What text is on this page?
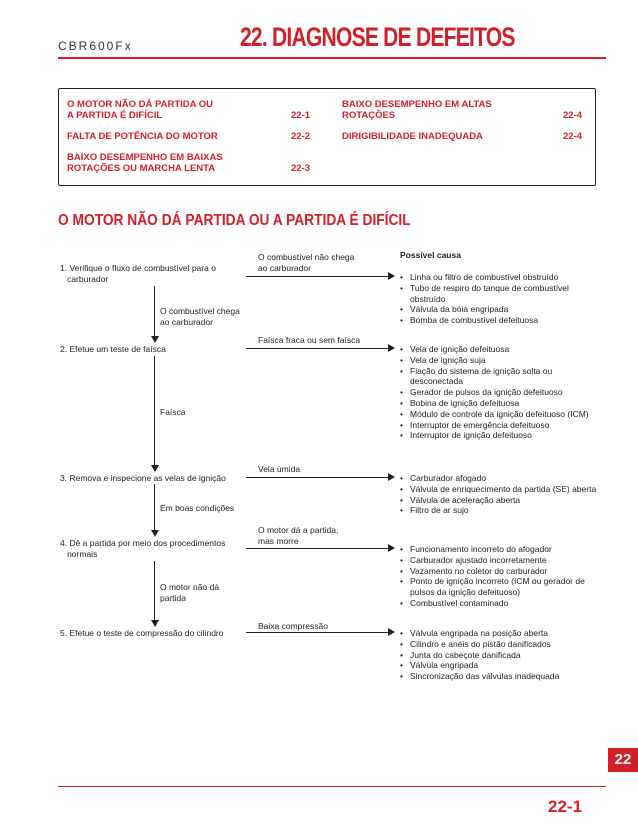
CBR600Fx	22. DIAGNOSE DE DEFEITOS
O MOTOR NÃO DÁ PARTIDA OU
A PARTIDA É DIFÍCIL	22-1
FALTA DE POTÊNCIA DO MOTOR	22-2
BAIXO DESEMPENHO EM BAIXAS
ROTAÇÕES OU MARCHA LENTA	22-3
BAIXO DESEMPENHO EM ALTAS
ROTAÇÕES	22-4
DIRIGIBILIDADE INADEQUADA	22-4
O MOTOR NÃO DÁ PARTIDA OU A PARTIDA É DIFÍCIL
1. Verifique o fluxo de combustível para o
carburador
2. Efetue um teste de faísca
3. Remova e inspecione as velas de ignição
4. Dê a partida por meio dos procedimentos
normais
5. Efetue o teste de compressão do cilindro
O combustível chega
ao carburador
Faísca
Em boas condições
O motor não dá
partida
O combustível não chega
ao carburador
Faísca fraca ou sem faísca
Vela úmida
O motor dá a partida,
mas morre
Baixa compressão
Possível causa
• Linha ou filtro de combustível obstruído
• Tubo de respiro do tanque de combustível obstruído
• Válvula da bóia engripada
• Bomba de combustível defeituosa
• Vela de ignição defeituosa
• Vela de ignição suja
• Fiação do sistema de ignição solta ou desconectada
• Gerador de pulsos da ignição defeituoso
• Bobina de ignição defeituosa
• Módulo de controle da ignição defeituoso (ICM)
• Interruptor de emergência defeituoso
• Interruptor de ignição defeituoso
• Carburador afogado
• Válvula de enriquecimento da partida (SE) aberta
• Válvula de aceleração aberta
• Filtro de ar sujo
• Funcionamento incorreto do afogador
• Carburador ajustado incorretamente
• Vazamento no coletor do carburador
• Ponto de ignição incorreto (ICM ou gerador de pulsos da ignição defeituoso)
• Combustível contaminado
• Válvula engripada na posição aberta
• Cilindro e anéis do pistão danificados
• Junta do cabeçote danificada
• Válvula engripada
• Sincronização das válvulas inadequada
22
22-1
